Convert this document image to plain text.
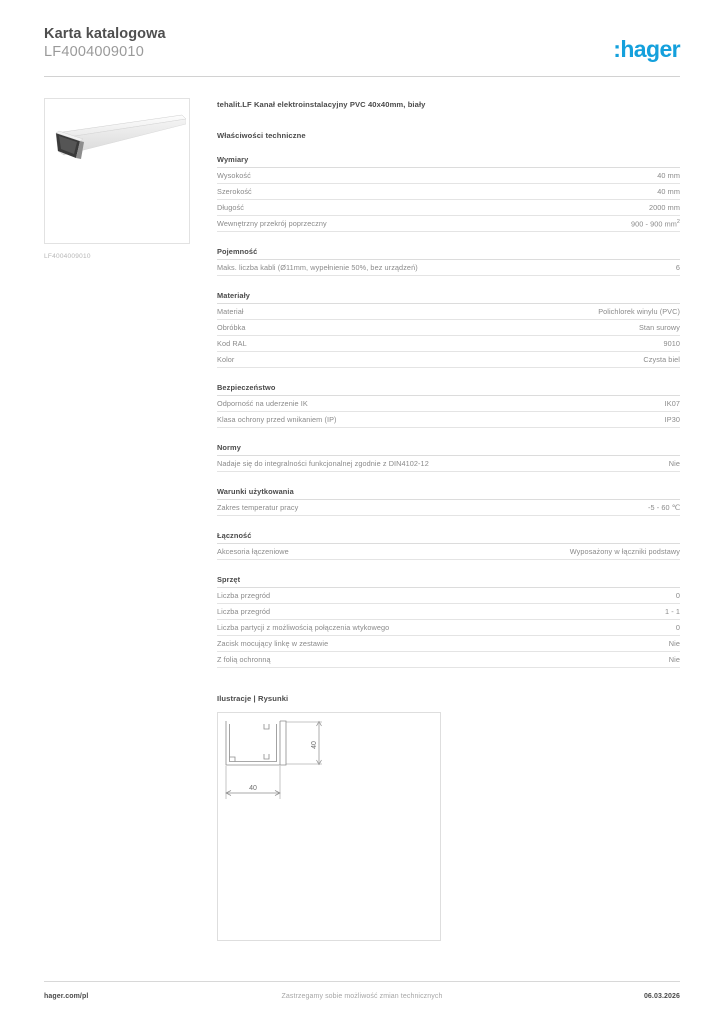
Karta katalogowa
LF4004009010	:hager
LF4004009010
tehalit.LF Kanał elektroinstalacyjny PVC 40x40mm, biały
Właściwości techniczne
Wymiary
Wysokość	40 mm
Szerokość	40 mm
Długość	2000 mm
Wewnętrzny przekrój poprzeczny	900 - 900 $mm^2$
Pojemność
Maks. liczba kabli (Ø11mm, wypełnienie 50%, bez urządzeń)	6
Materiały
Materiał	Polichlorek winylu (PVC)
Obróbka	Stan surowy
Kod RAL	9010
Kolor	Czysta biel
Bezpieczeństwo
Odporność na uderzenie IK	IK07
Klasa ochrony przed wnikaniem (IP)	IP30
Normy
Nadaje się do integralności funkcjonalnej zgodnie z DIN4102-12	Nie
Warunki użytkowania
Zakres temperatur pracy	-5 - 60 ℃
Łączność
Akcesoria łączeniowe	Wyposażony w łączniki podstawy
Sprzęt
Liczba przegród	0
Liczba przegród	1 - 1
Liczba partycji z możliwością połączenia wtykowego	0
Zacisk mocujący linkę w zestawie	Nie
Z folią ochronną	Nie
Ilustracje | Rysunki
40
40
hager.com/pl	Zastrzegamy sobie możliwość zmian technicznych	06.03.2026
